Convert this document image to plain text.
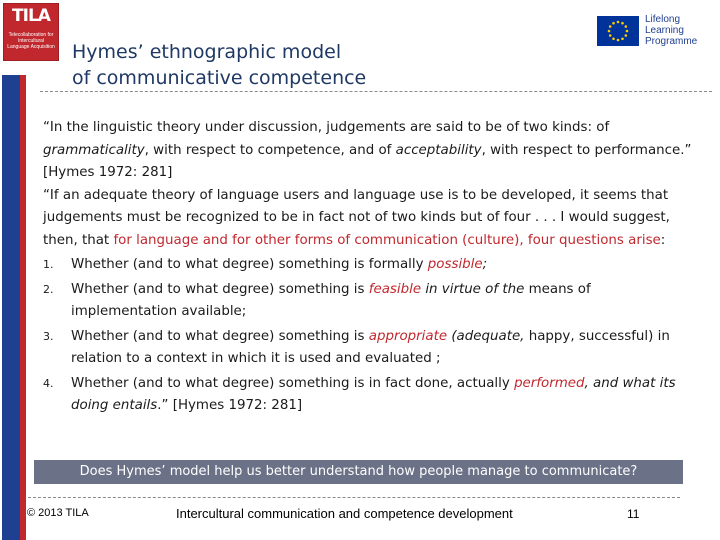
TILA
Telecollaboration for Intercultural Language Acquisition Hymes’ ethnographic model
of communicative competence
Lifelong
Learning
Programme

“In the linguistic theory under discussion, judgements are said to be of two kinds: of grammaticality, with respect to competence, and of acceptability, with respect to performance.”
[Hymes 1972: 281]

“If an adequate theory of language users and language use is to be developed, it seems that judgements must be recognized to be in fact not of two kinds but of four . . . I would suggest, then, that for language and for other forms of communication (culture), four questions arise:

1. Whether (and to what degree) something is formally possible;
2. Whether (and to what degree) something is feasible in virtue of the means of implementation available;
3. Whether (and to what degree) something is appropriate (adequate, happy, successful) in relation to a context in which it is used and evaluated ;
4. Whether (and to what degree) something is in fact done, actually performed, and what its doing entails.” [Hymes 1972: 281]
Does Hymes’ model help us better understand how people manage to communicate?
© 2013 TILA	Intercultural communication and competence development	11
